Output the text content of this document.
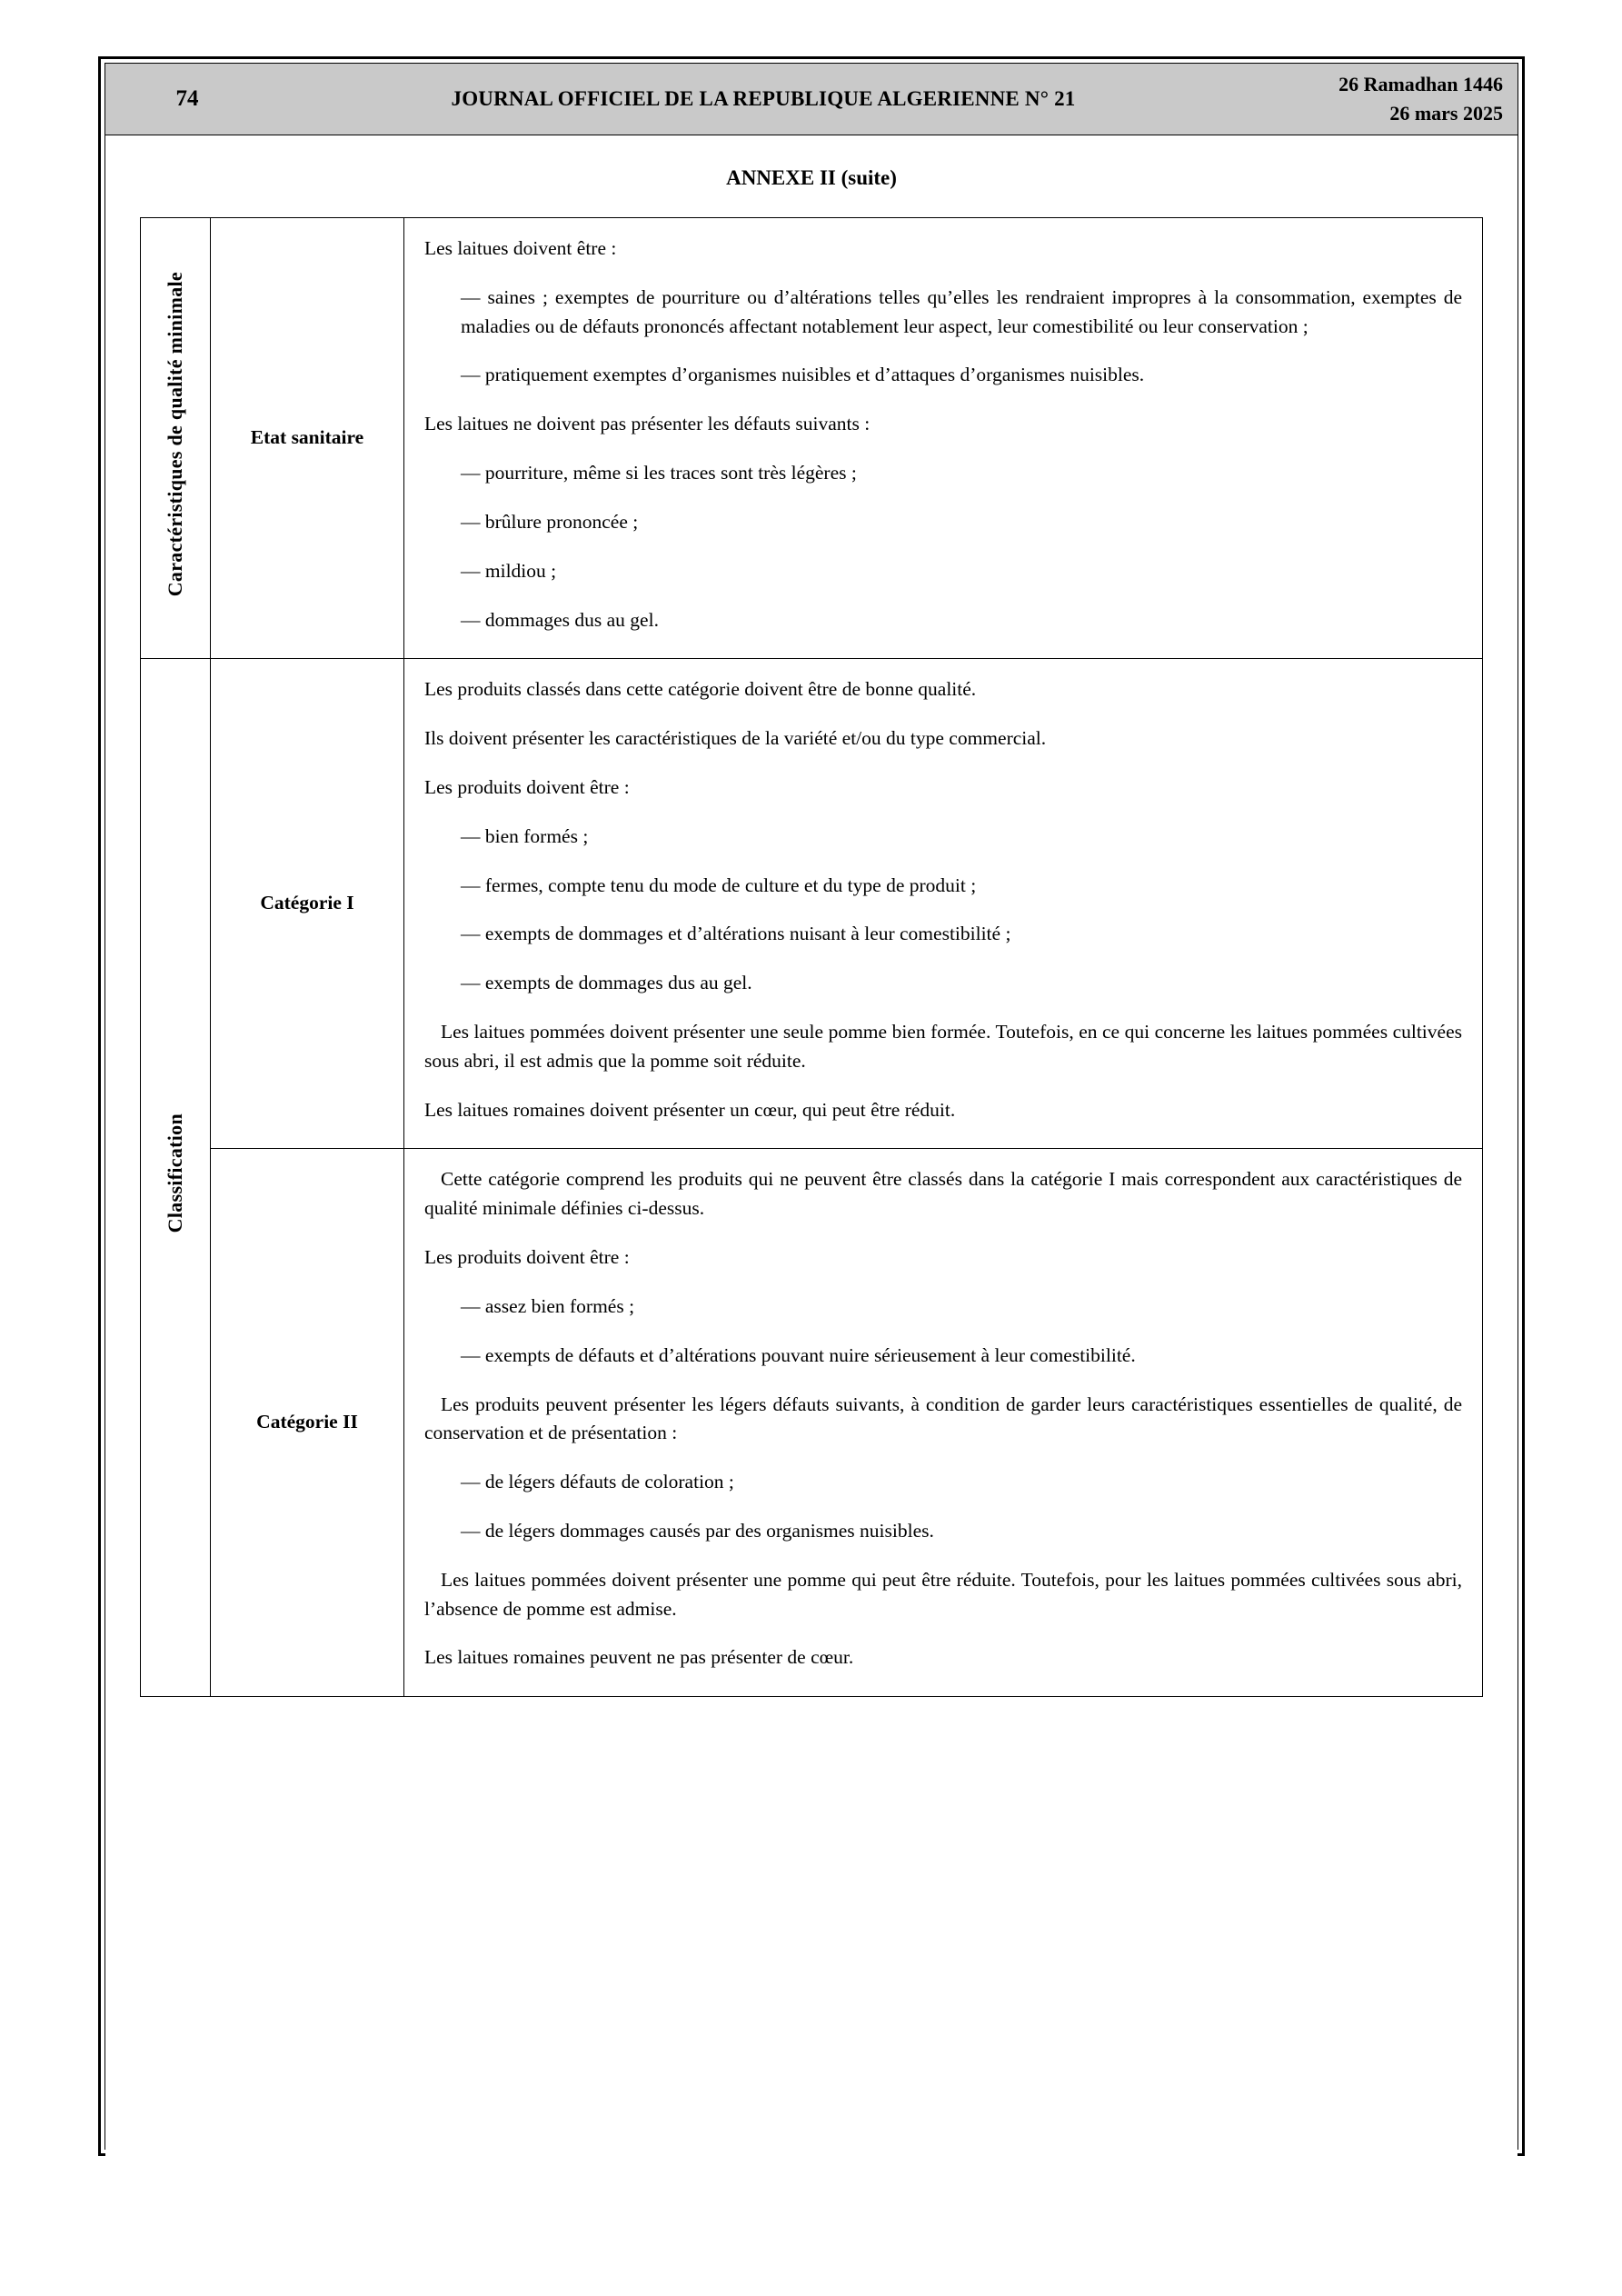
74	JOURNAL OFFICIEL DE LA REPUBLIQUE ALGERIENNE N° 21
26 Ramadhan 1446
26 mars 2025
ANNEXE II (suite)
Caractéristiques de qualité minimale	Etat sanitaire	

Les laitues doivent être :

— saines ; exemptes de pourriture ou d’altérations telles qu’elles les rendraient impropres à la consommation, exemptes de maladies ou de défauts prononcés affectant notablement leur aspect, leur comestibilité ou leur conservation ;

— pratiquement exemptes d’organismes nuisibles et d’attaques d’organismes nuisibles.

Les laitues ne doivent pas présenter les défauts suivants :

— pourriture, même si les traces sont très légères ;

— brûlure prononcée ;

— mildiou ;

— dommages dus au gel.

Classification	Catégorie I	

Les produits classés dans cette catégorie doivent être de bonne qualité.

Ils doivent présenter les caractéristiques de la variété et/ou du type commercial.

Les produits doivent être :

— bien formés ;

— fermes, compte tenu du mode de culture et du type de produit ;

— exempts de dommages et d’altérations nuisant à leur comestibilité ;

— exempts de dommages dus au gel.

Les laitues pommées doivent présenter une seule pomme bien formée. Toutefois, en ce qui concerne les laitues pommées cultivées sous abri, il est admis que la pomme soit réduite.

Les laitues romaines doivent présenter un cœur, qui peut être réduit.

Catégorie II	

Cette catégorie comprend les produits qui ne peuvent être classés dans la catégorie I mais correspondent aux caractéristiques de qualité minimale définies ci-dessus.

Les produits doivent être :

— assez bien formés ;

— exempts de défauts et d’altérations pouvant nuire sérieusement à leur comestibilité.

Les produits peuvent présenter les légers défauts suivants, à condition de garder leurs caractéristiques essentielles de qualité, de conservation et de présentation :

— de légers défauts de coloration ;

— de légers dommages causés par des organismes nuisibles.

Les laitues pommées doivent présenter une pomme qui peut être réduite. Toutefois, pour les laitues pommées cultivées sous abri, l’absence de pomme est admise.

Les laitues romaines peuvent ne pas présenter de cœur.
